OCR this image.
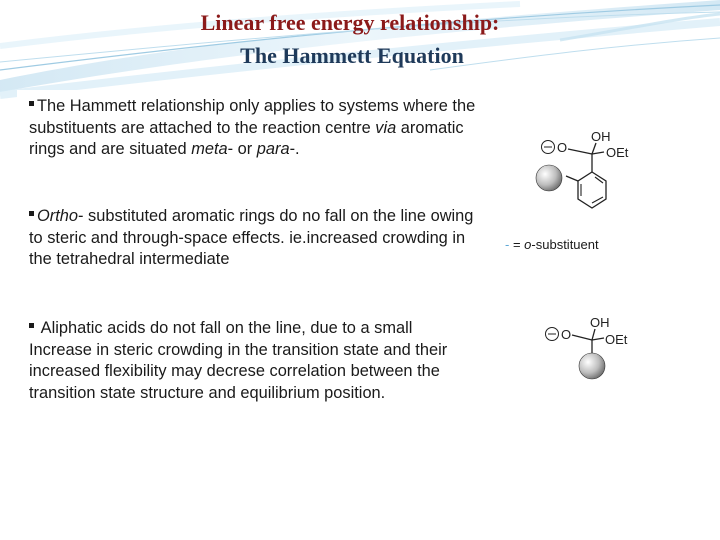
Linear free energy relationship:
The Hammett Equation
The Hammett relationship only applies to systems where the substituents are attached to the reaction centre via aromatic rings and are situated meta- or para-.
Ortho- substituted aromatic rings do no fall on the line owing to steric and through-space effects. ie.increased crowding in the tetrahedral intermediate
Aliphatic acids do not fall on the line, due to a small Increase in steric crowding in the transition state and their increased flexibility may decrese correlation between the transition state structure and equilibrium position.
O
OH
OEt
- = o-substituent
O
OH
OEt
